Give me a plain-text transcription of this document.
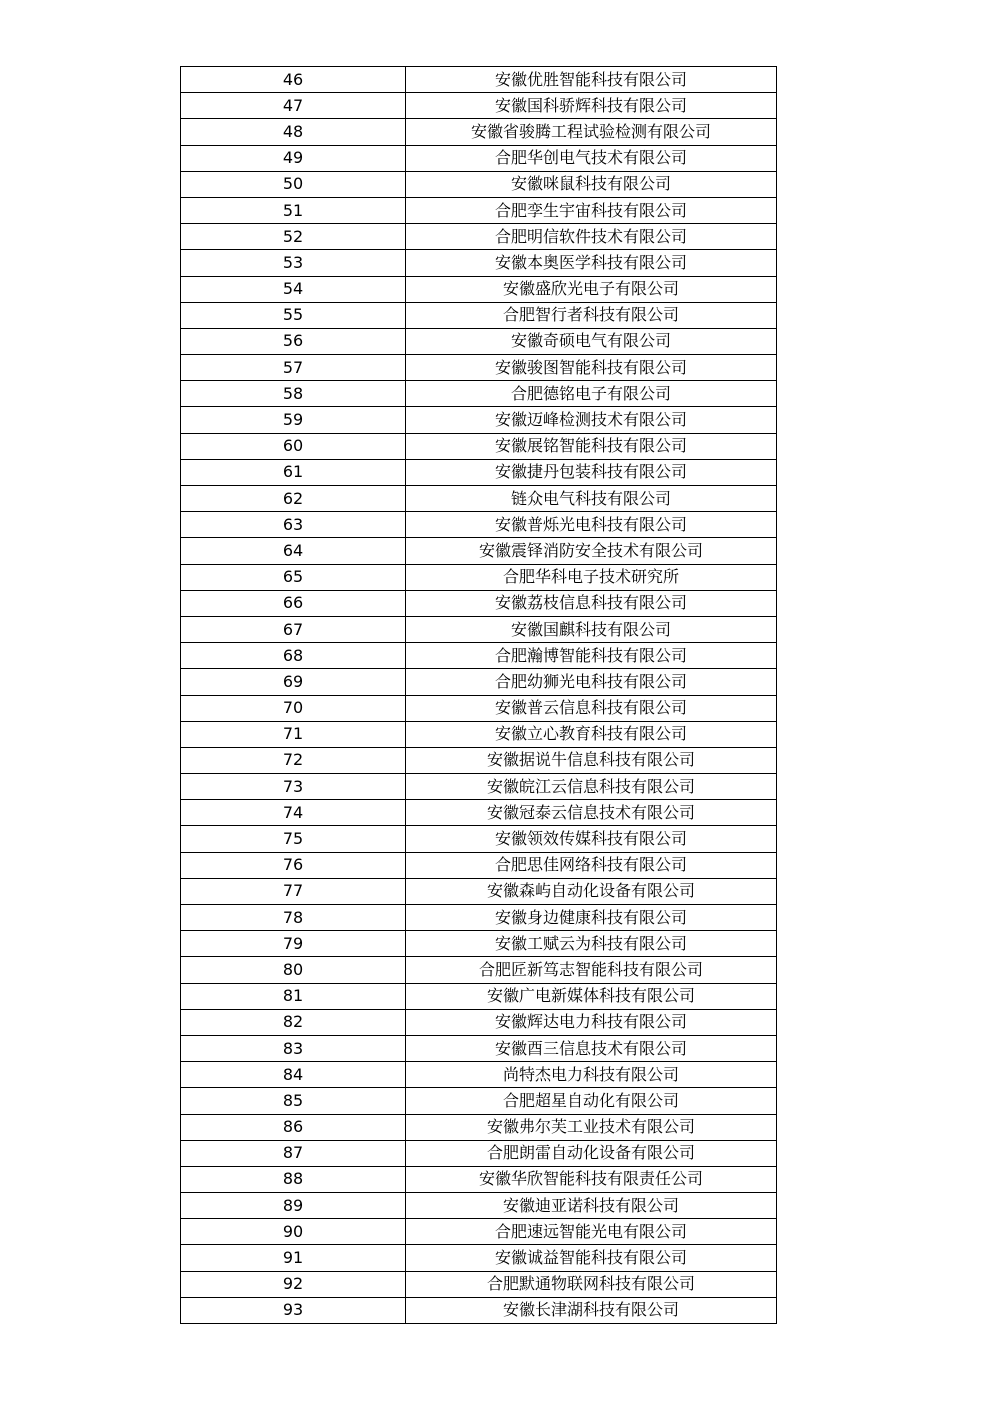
46	安徽优胜智能科技有限公司
47	安徽国科骄辉科技有限公司
48	安徽省骏腾工程试验检测有限公司
49	合肥华创电气技术有限公司
50	安徽咪鼠科技有限公司
51	合肥孪生宇宙科技有限公司
52	合肥明信软件技术有限公司
53	安徽本奥医学科技有限公司
54	安徽盛欣光电子有限公司
55	合肥智行者科技有限公司
56	安徽奇硕电气有限公司
57	安徽骏图智能科技有限公司
58	合肥德铭电子有限公司
59	安徽迈峰检测技术有限公司
60	安徽展铭智能科技有限公司
61	安徽捷丹包装科技有限公司
62	链众电气科技有限公司
63	安徽普烁光电科技有限公司
64	安徽震铎消防安全技术有限公司
65	合肥华科电子技术研究所
66	安徽荔枝信息科技有限公司
67	安徽国麒科技有限公司
68	合肥瀚博智能科技有限公司
69	合肥幼狮光电科技有限公司
70	安徽普云信息科技有限公司
71	安徽立心教育科技有限公司
72	安徽据说牛信息科技有限公司
73	安徽皖江云信息科技有限公司
74	安徽冠泰云信息技术有限公司
75	安徽领效传媒科技有限公司
76	合肥思佳网络科技有限公司
77	安徽森屿自动化设备有限公司
78	安徽身边健康科技有限公司
79	安徽工赋云为科技有限公司
80	合肥匠新笃志智能科技有限公司
81	安徽广电新媒体科技有限公司
82	安徽辉达电力科技有限公司
83	安徽酉三信息技术有限公司
84	尚特杰电力科技有限公司
85	合肥超星自动化有限公司
86	安徽弗尔芙工业技术有限公司
87	合肥朗雷自动化设备有限公司
88	安徽华欣智能科技有限责任公司
89	安徽迪亚诺科技有限公司
90	合肥速远智能光电有限公司
91	安徽诚益智能科技有限公司
92	合肥默通物联网科技有限公司
93	安徽长津湖科技有限公司
